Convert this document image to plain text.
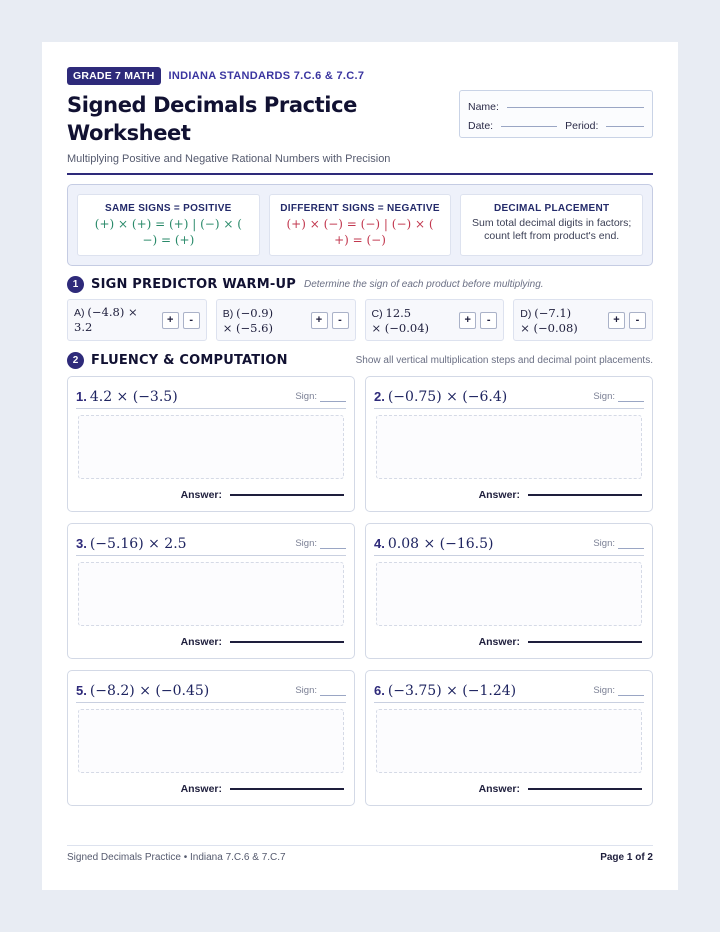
GRADE 7 MATH	INDIANA STANDARDS 7.C.6 & 7.C.7
Signed Decimals Practice
Worksheet
Multiplying Positive and Negative Rational Numbers with Precision
Name:
Date:	Period:
SAME SIGNS = POSITIVE
(+) × (+) = (+) | (−) × (
−) = (+)
DIFFERENT SIGNS = NEGATIVE
(+) × (−) = (−) | (−) × (
+) = (−)
DECIMAL PLACEMENT
Sum total decimal digits in factors;
count left from product's end.
1 SIGN PREDICTOR WARM-UP Determine the sign of each product before multiplying.
A) (−4.8) × 3.2	+	-
B) (−0.9)
× (−5.6)
+	-
C) 12.5
× (−0.04)
+	-
D) (−7.1)
× (−0.08)
+	-
2 FLUENCY & COMPUTATION	Show all vertical multiplication steps and decimal point placements.
1. 4.2 × (−3.5)	Sign:
Answer:
2. (−0.75) × (−6.4)	Sign:
Answer:
3. (−5.16) × 2.5	Sign:
Answer:
4. 0.08 × (−16.5)	Sign:
Answer:
5. (−8.2) × (−0.45)	Sign:
Answer:
6. (−3.75) × (−1.24)	Sign:
Answer:
Signed Decimals Practice • Indiana 7.C.6 & 7.C.7	Page 1 of 2
